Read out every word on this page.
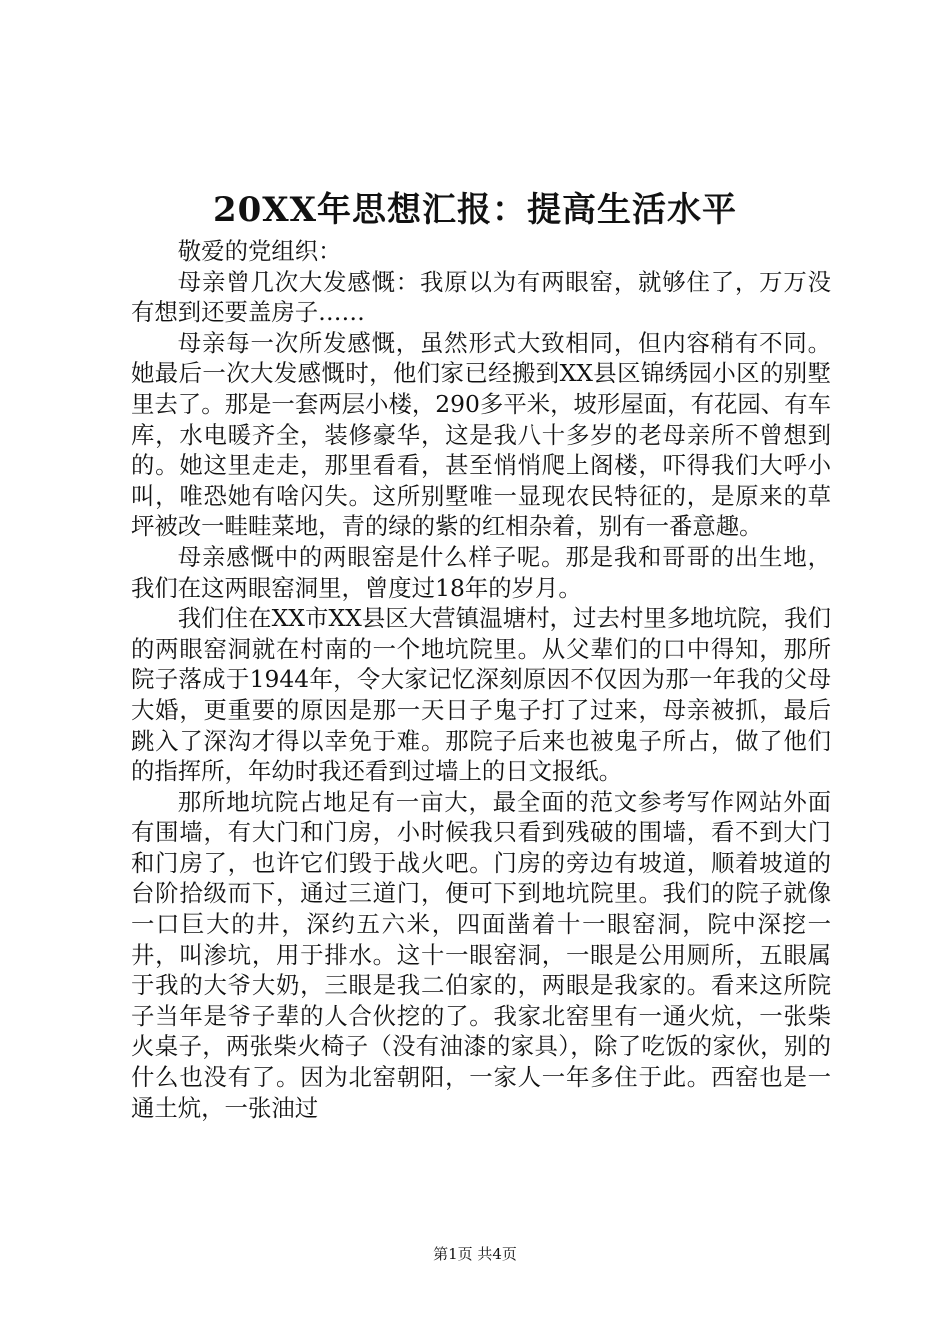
20XX年思想汇报：提高生活水平

敬爱的党组织：

母亲曾几次大发感慨：我原以为有两眼窑，就够住了，万万没有想到还要盖房子……

母亲每一次所发感慨，虽然形式大致相同，但内容稍有不同。她最后一次大发感慨时，他们家已经搬到XX县区锦绣园小区的别墅里去了。那是一套两层小楼，290多平米，坡形屋面，有花园、有车库，水电暖齐全，装修豪华，这是我八十多岁的老母亲所不曾想到的。她这里走走，那里看看，甚至悄悄爬上阁楼，吓得我们大呼小叫，唯恐她有啥闪失。这所别墅唯一显现农民特征的，是原来的草坪被改一畦畦菜地，青的绿的紫的红相杂着，别有一番意趣。

母亲感慨中的两眼窑是什么样子呢。那是我和哥哥的出生地，我们在这两眼窑洞里，曾度过18年的岁月。

我们住在XX市XX县区大营镇温塘村，过去村里多地坑院，我们的两眼窑洞就在村南的一个地坑院里。从父辈们的口中得知，那所院子落成于1944年，令大家记忆深刻原因不仅因为那一年我的父母大婚，更重要的原因是那一天日子鬼子打了过来，母亲被抓，最后跳入了深沟才得以幸免于难。那院子后来也被鬼子所占，做了他们的指挥所，年幼时我还看到过墙上的日文报纸。

那所地坑院占地足有一亩大，最全面的范文参考写作网站外面有围墙，有大门和门房，小时候我只看到残破的围墙，看不到大门和门房了，也许它们毁于战火吧。门房的旁边有坡道，顺着坡道的台阶拾级而下，通过三道门，便可下到地坑院里。我们的院子就像一口巨大的井，深约五六米，四面凿着十一眼窑洞，院中深挖一井，叫渗坑，用于排水。这十一眼窑洞，一眼是公用厕所，五眼属于我的大爷大奶，三眼是我二伯家的，两眼是我家的。看来这所院子当年是爷子辈的人合伙挖的了。我家北窑里有一通火炕，一张柴火桌子，两张柴火椅子（没有油漆的家具），除了吃饭的家伙，别的什么也没有了。因为北窑朝阳，一家人一年多住于此。西窑也是一通土炕，一张油过

第1页 共4页
